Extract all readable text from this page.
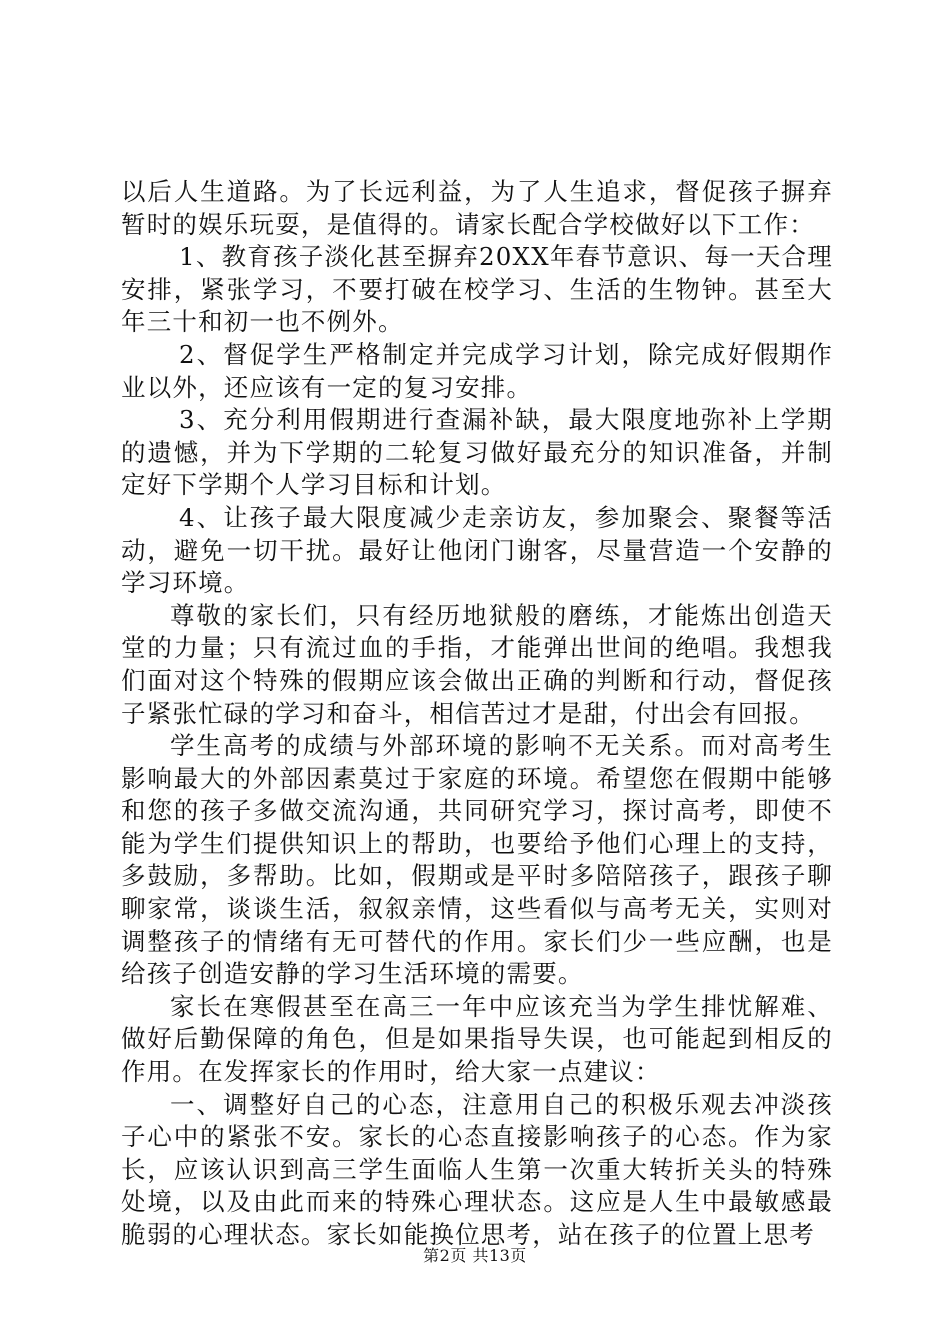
以后人生道路。为了长远利益，为了人生追求，督促孩子摒弃暂时的娱乐玩耍，是值得的。请家长配合学校做好以下工作：

1、教育孩子淡化甚至摒弃20XX年春节意识、每一天合理安排，紧张学习，不要打破在校学习、生活的生物钟。甚至大年三十和初一也不例外。

2、督促学生严格制定并完成学习计划，除完成好假期作业以外，还应该有一定的复习安排。

3、充分利用假期进行查漏补缺，最大限度地弥补上学期的遗憾，并为下学期的二轮复习做好最充分的知识准备，并制定好下学期个人学习目标和计划。

4、让孩子最大限度减少走亲访友，参加聚会、聚餐等活动，避免一切干扰。最好让他闭门谢客，尽量营造一个安静的学习环境。

尊敬的家长们，只有经历地狱般的磨练，才能炼出创造天堂的力量；只有流过血的手指，才能弹出世间的绝唱。我想我们面对这个特殊的假期应该会做出正确的判断和行动，督促孩子紧张忙碌的学习和奋斗，相信苦过才是甜，付出会有回报。

学生高考的成绩与外部环境的影响不无关系。而对高考生影响最大的外部因素莫过于家庭的环境。希望您在假期中能够和您的孩子多做交流沟通，共同研究学习，探讨高考，即使不能为学生们提供知识上的帮助，也要给予他们心理上的支持，多鼓励，多帮助。比如，假期或是平时多陪陪孩子，跟孩子聊聊家常，谈谈生活，叙叙亲情，这些看似与高考无关，实则对调整孩子的情绪有无可替代的作用。家长们少一些应酬，也是给孩子创造安静的学习生活环境的需要。

家长在寒假甚至在高三一年中应该充当为学生排忧解难、做好后勤保障的角色，但是如果指导失误，也可能起到相反的作用。在发挥家长的作用时，给大家一点建议：

一、调整好自己的心态，注意用自己的积极乐观去冲淡孩子心中的紧张不安。家长的心态直接影响孩子的心态。作为家长，应该认识到高三学生面临人生第一次重大转折关头的特殊处境，以及由此而来的特殊心理状态。这应是人生中最敏感最脆弱的心理状态。家长如能换位思考，站在孩子的位置上思考

第2页 共13页
